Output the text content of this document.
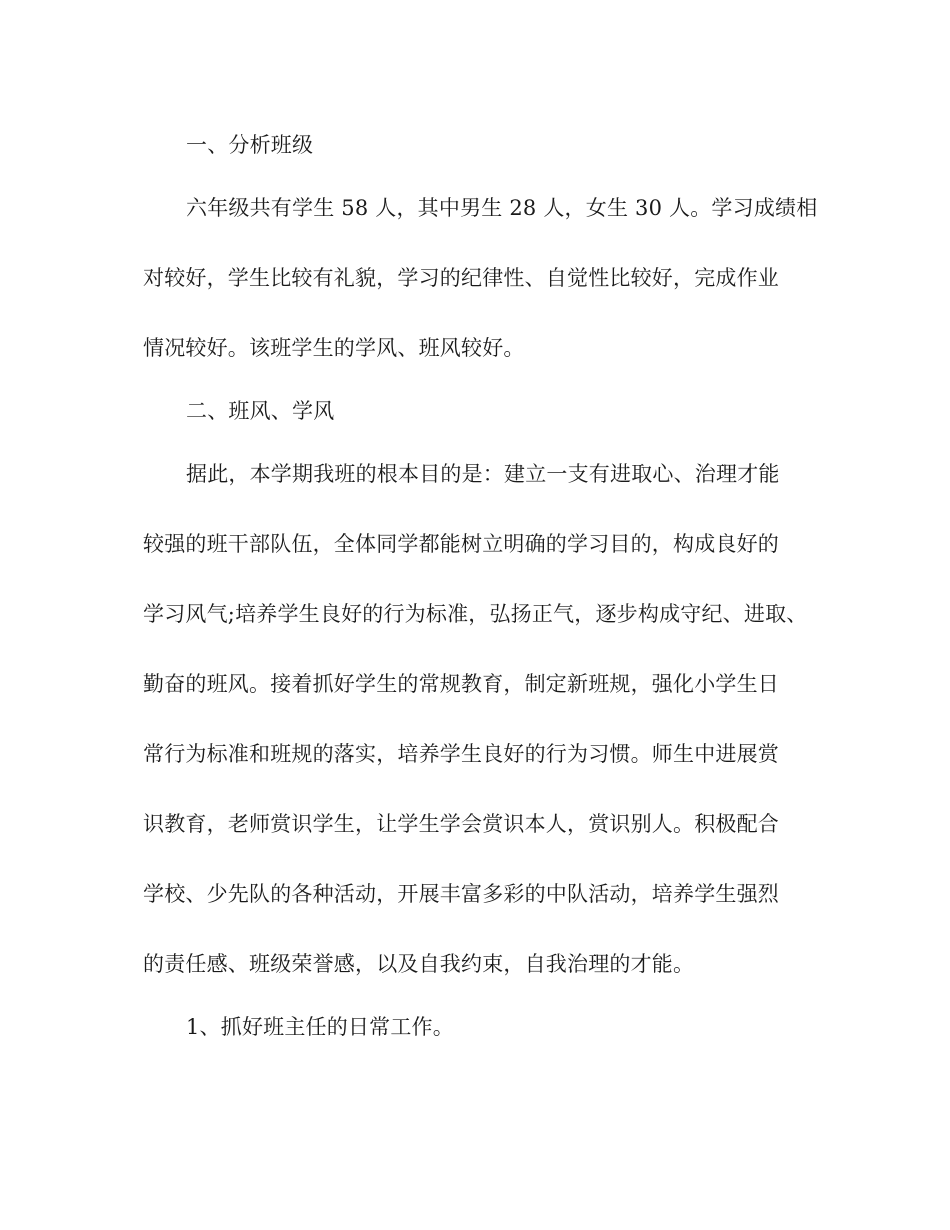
一、分析班级
六年级共有学生 58 人，其中男生 28 人，女生 30 人。学习成绩相
对较好，学生比较有礼貌，学习的纪律性、自觉性比较好，完成作业
情况较好。该班学生的学风、班风较好。
二、班风、学风
据此，本学期我班的根本目的是：建立一支有进取心、治理才能
较强的班干部队伍，全体同学都能树立明确的学习目的，构成良好的
学习风气;培养学生良好的行为标准，弘扬正气，逐步构成守纪、进取、
勤奋的班风。接着抓好学生的常规教育，制定新班规，强化小学生日
常行为标准和班规的落实，培养学生良好的行为习惯。师生中进展赏
识教育，老师赏识学生，让学生学会赏识本人，赏识别人。积极配合
学校、少先队的各种活动，开展丰富多彩的中队活动，培养学生强烈
的责任感、班级荣誉感，以及自我约束，自我治理的才能。
1、抓好班主任的日常工作。
